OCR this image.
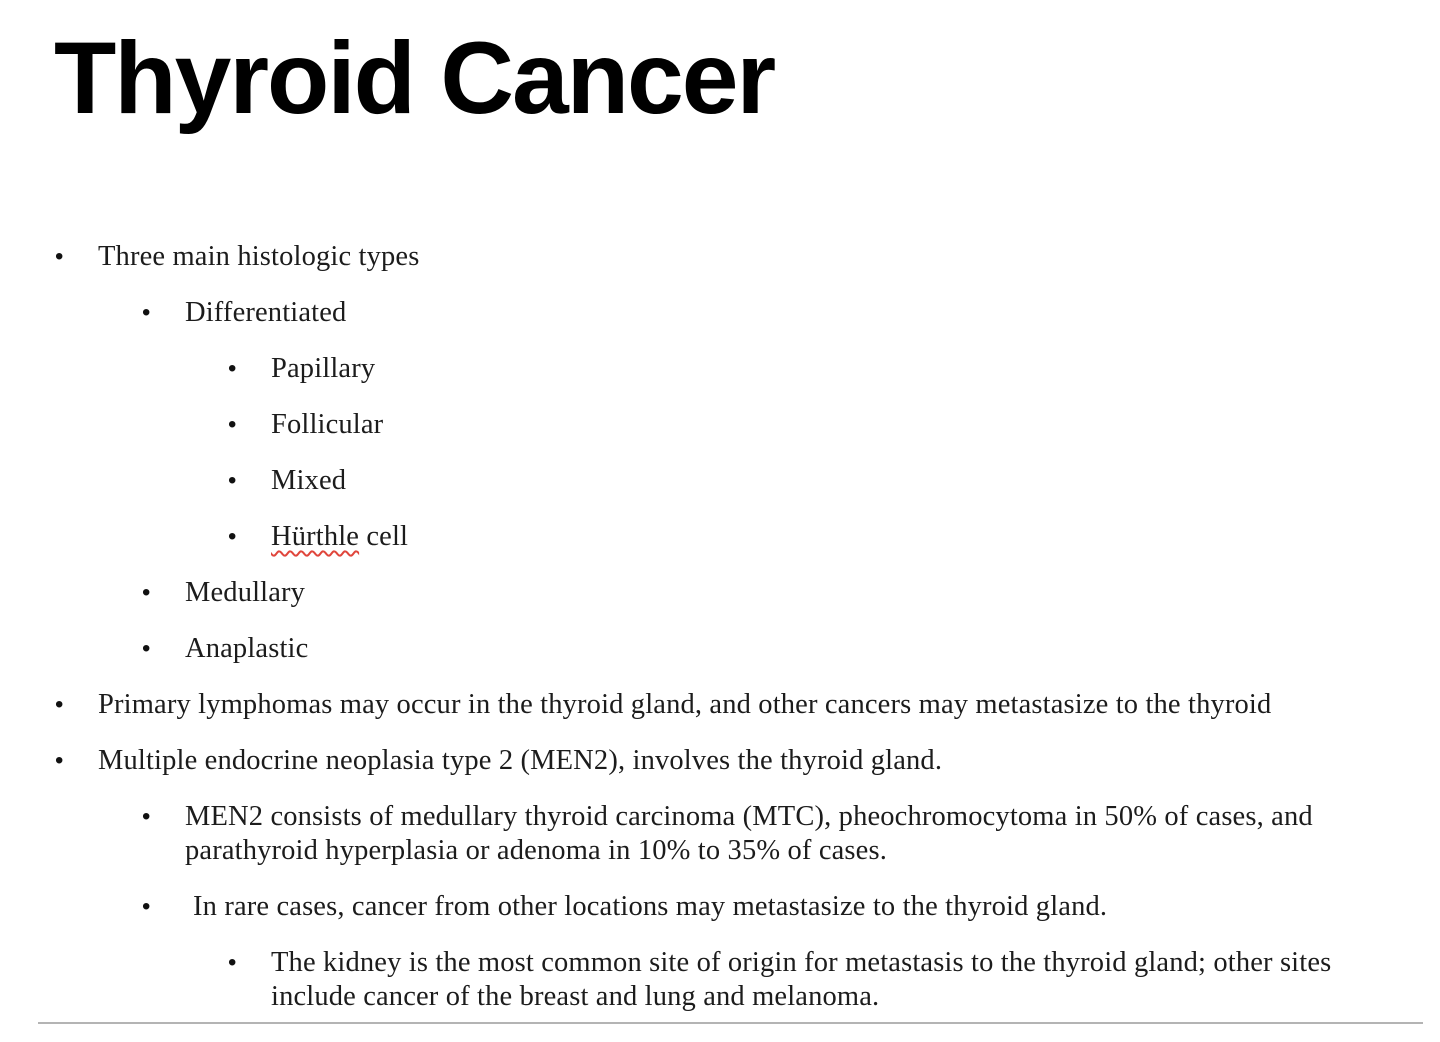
Thyroid Cancer
• Three main histologic types
• Differentiated
• Papillary
• Follicular
• Mixed
• Hürthle cell
• Medullary
• Anaplastic
• Primary lymphomas may occur in the thyroid gland, and other cancers may metastasize to the thyroid
• Multiple endocrine neoplasia type 2 (MEN2), involves the thyroid gland.
• MEN2 consists of medullary thyroid carcinoma (MTC), pheochromocytoma in 50% of cases, and parathyroid hyperplasia or adenoma in 10% to 35% of cases.
• In rare cases, cancer from other locations may metastasize to the thyroid gland.
• The kidney is the most common site of origin for metastasis to the thyroid gland; other sites include cancer of the breast and lung and melanoma.
